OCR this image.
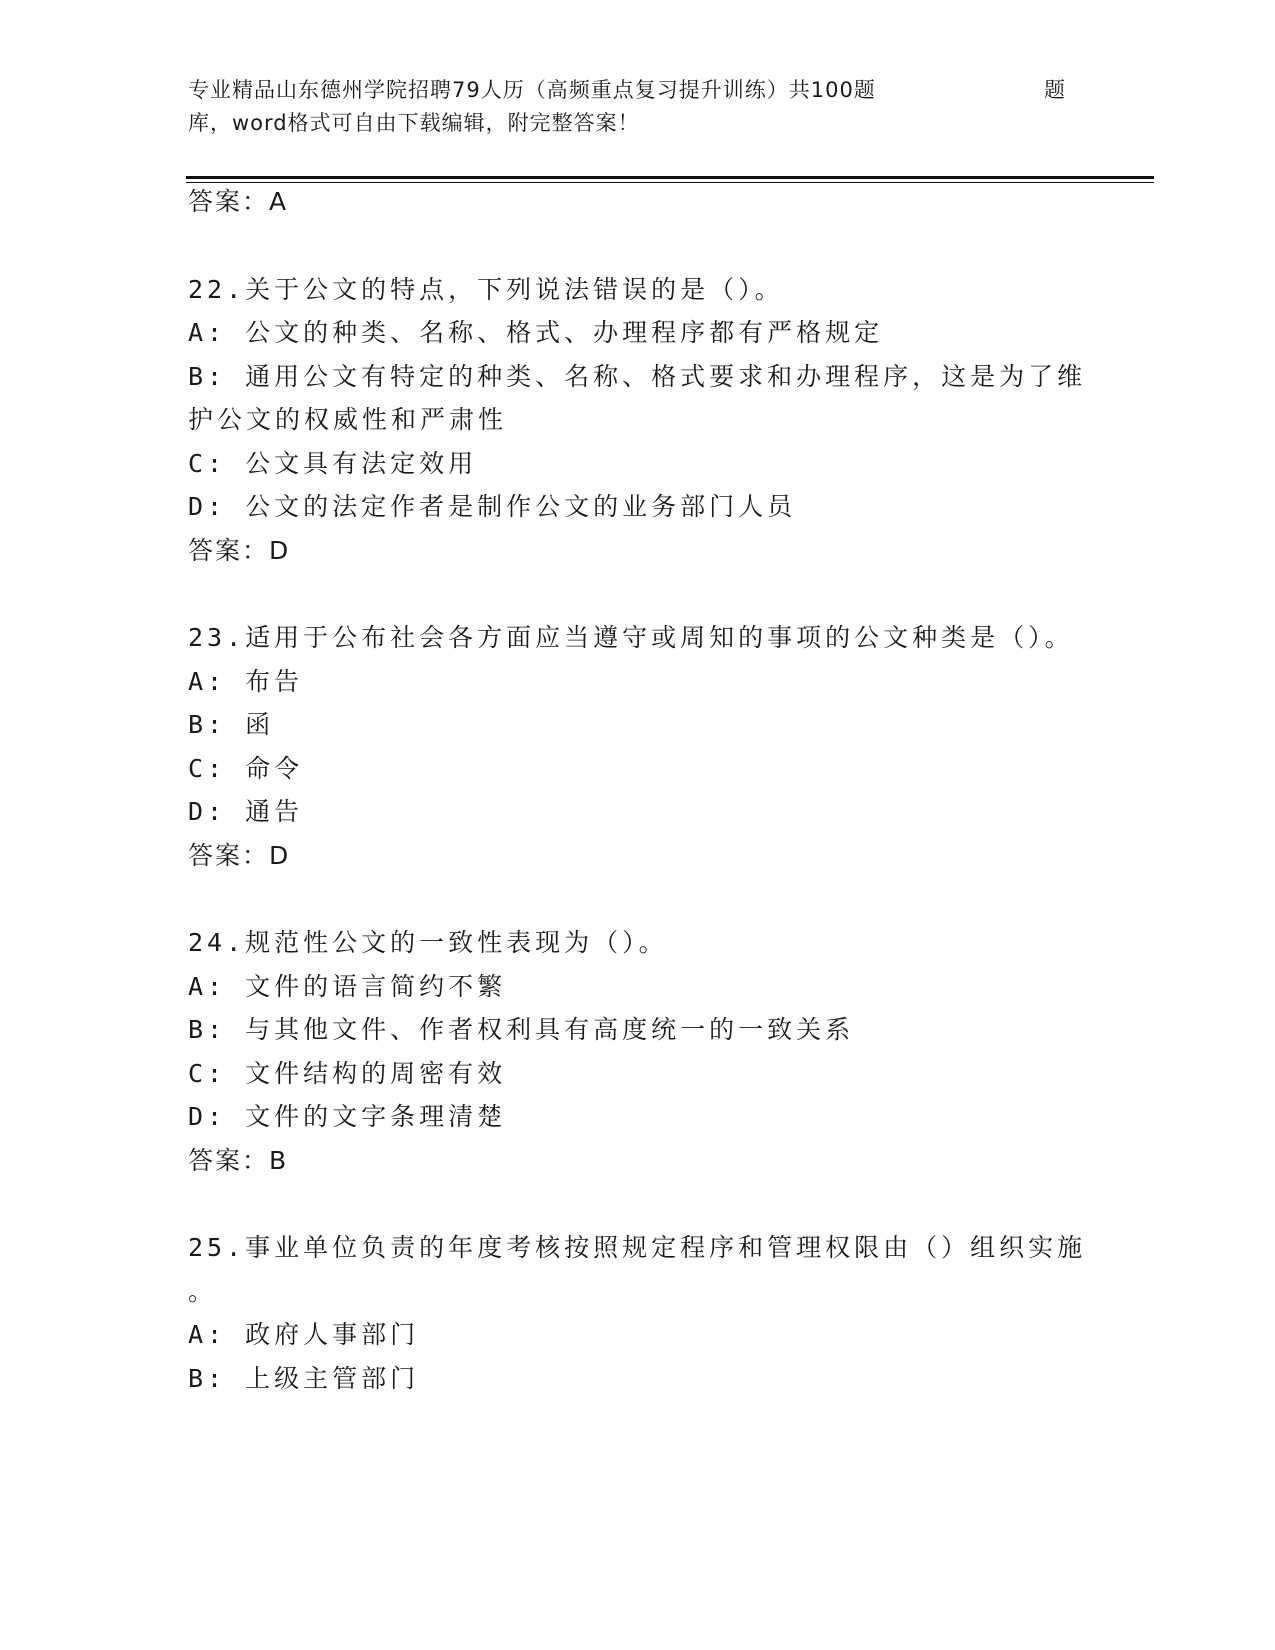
专业精品山东德州学院招聘79人历（高频重点复习提升训练）共100题	题
库，word格式可自由下载编辑，附完整答案！
答案：A
22.关于公文的特点，下列说法错误的是（）。
A: 公文的种类、名称、格式、办理程序都有严格规定
B: 通用公文有特定的种类、名称、格式要求和办理程序，这是为了维
护公文的权威性和严肃性
C: 公文具有法定效用
D: 公文的法定作者是制作公文的业务部门人员
答案：D
23.适用于公布社会各方面应当遵守或周知的事项的公文种类是（）。
A: 布告
B: 函
C: 命令
D: 通告
答案：D
24.规范性公文的一致性表现为（）。
A: 文件的语言简约不繁
B: 与其他文件、作者权利具有高度统一的一致关系
C: 文件结构的周密有效
D: 文件的文字条理清楚
答案：B
25.事业单位负责的年度考核按照规定程序和管理权限由（）组织实施
。
A: 政府人事部门
B: 上级主管部门
